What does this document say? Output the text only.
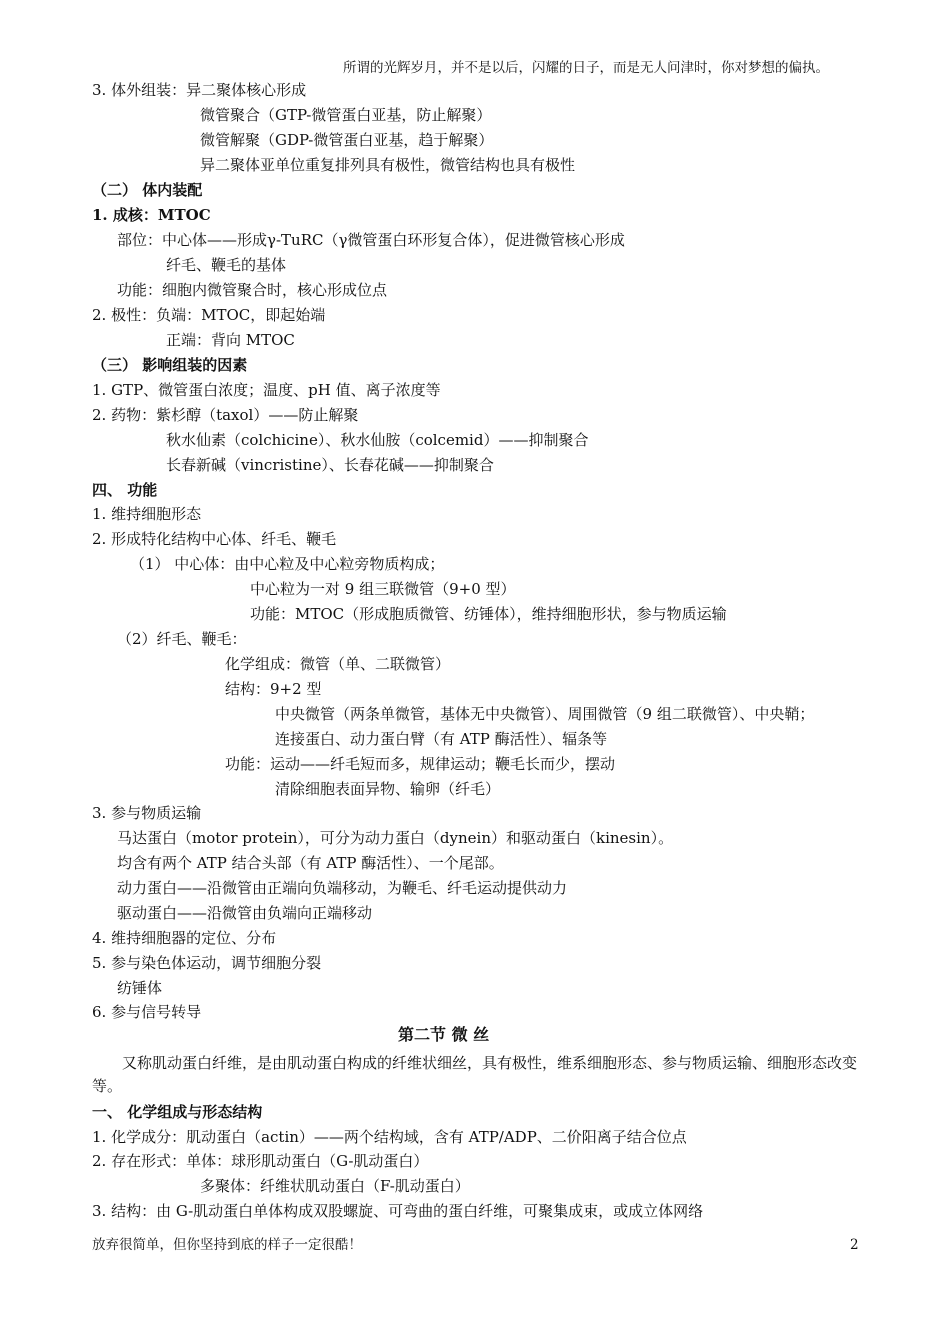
所谓的光辉岁月，并不是以后，闪耀的日子，而是无人问津时，你对梦想的偏执。
3. 体外组装：异二聚体核心形成
微管聚合（GTP-微管蛋白亚基，防止解聚）
微管解聚（GDP-微管蛋白亚基，趋于解聚）
异二聚体亚单位重复排列具有极性，微管结构也具有极性
（二） 体内装配
1. 成核：MTOC
部位：中心体——形成γ-TuRC（γ微管蛋白环形复合体），促进微管核心形成
纤毛、鞭毛的基体
功能：细胞内微管聚合时，核心形成位点
2. 极性：负端：MTOC，即起始端
正端：背向 MTOC
（三） 影响组装的因素
1. GTP、微管蛋白浓度；温度、pH 值、离子浓度等
2. 药物：紫杉醇（taxol）——防止解聚
秋水仙素（colchicine）、秋水仙胺（colcemid）——抑制聚合
长春新碱（vincristine）、长春花碱——抑制聚合
四、 功能
1. 维持细胞形态
2. 形成特化结构中心体、纤毛、鞭毛
（1） 中心体：由中心粒及中心粒旁物质构成；
中心粒为一对 9 组三联微管（9+0 型）
功能：MTOC（形成胞质微管、纺锤体），维持细胞形状，参与物质运输
（2）纤毛、鞭毛：
化学组成：微管（单、二联微管）
结构：9+2 型
中央微管（两条单微管，基体无中央微管）、周围微管（9 组二联微管）、中央鞘；
连接蛋白、动力蛋白臂（有 ATP 酶活性）、辐条等
功能：运动——纤毛短而多，规律运动；鞭毛长而少，摆动
清除细胞表面异物、输卵（纤毛）
3. 参与物质运输
马达蛋白（motor protein），可分为动力蛋白（dynein）和驱动蛋白（kinesin）。
均含有两个 ATP 结合头部（有 ATP 酶活性）、一个尾部。
动力蛋白——沿微管由正端向负端移动，为鞭毛、纤毛运动提供动力
驱动蛋白——沿微管由负端向正端移动
4. 维持细胞器的定位、分布
5. 参与染色体运动，调节细胞分裂
纺锤体
6. 参与信号转导
第二节 微 丝
又称肌动蛋白纤维，是由肌动蛋白构成的纤维状细丝，具有极性，维系细胞形态、参与物质运输、细胞形态改变等。
一、 化学组成与形态结构
1. 化学成分：肌动蛋白（actin）——两个结构域，含有 ATP/ADP、二价阳离子结合位点
2. 存在形式：单体：球形肌动蛋白（G-肌动蛋白）
多聚体：纤维状肌动蛋白（F-肌动蛋白）
3. 结构：由 G-肌动蛋白单体构成双股螺旋、可弯曲的蛋白纤维，可聚集成束，或成立体网络
放弃很简单，但你坚持到底的样子一定很酷！	2
